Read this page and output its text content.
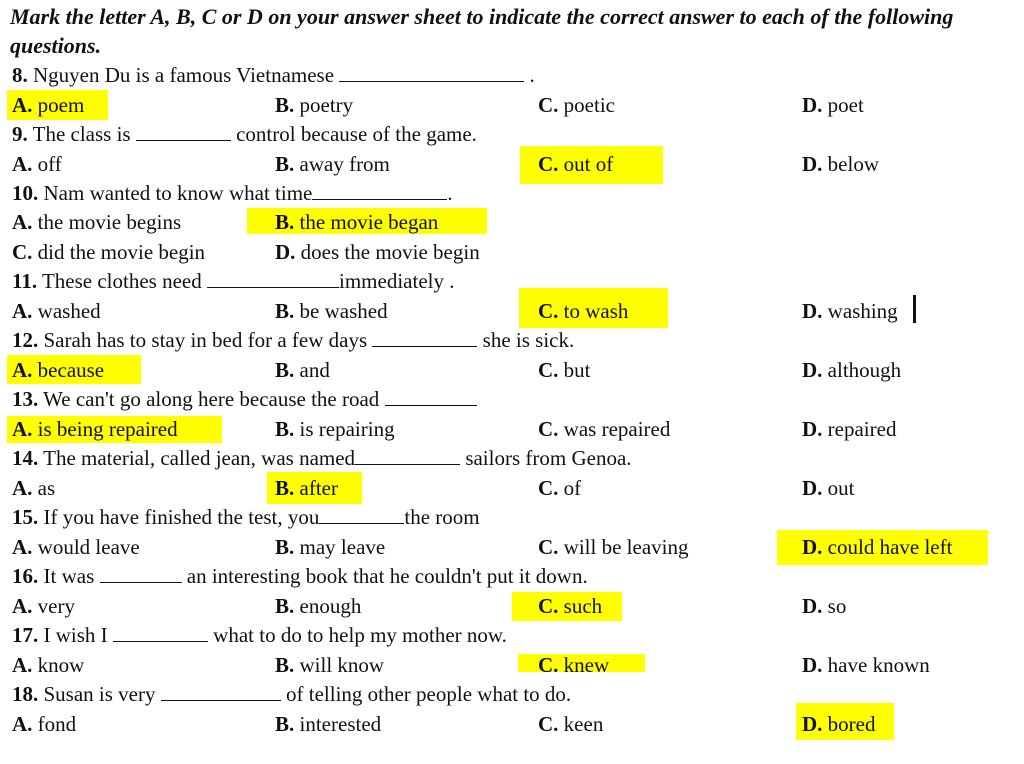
Mark the letter A, B, C or D on your answer sheet to indicate the correct answer to each of the following questions.
8. Nguyen Du is a famous Vietnamese	.
A. poem	B. poetry	C. poetic	D. poet
9. The class is	control because of the game.
A. off	B. away from	C. out of	D. below
10. Nam wanted to know what time	.
A. the movie begins	B. the movie began
C. did the movie begin	D. does the movie begin
11. These clothes need	immediately .
A. washed	B. be washed	C. to wash	D. washing
12. Sarah has to stay in bed for a few days	she is sick.
A. because	B. and	C. but	D. although
13. We can't go along here because the road
A. is being repaired	B. is repairing	C. was repaired	D. repaired
14. The material, called jean, was named	sailors from Genoa.
A. as	B. after	C. of	D. out
15. If you have finished the test, you	the room
A. would leave	B. may leave	C. will be leaving	D. could have left
16. It was	an interesting book that he couldn't put it down.
A. very	B. enough	C. such	D. so
17. I wish I	what to do to help my mother now.
A. know	B. will know	C. knew	D. have known
18. Susan is very	of telling other people what to do.
A. fond	B. interested	C. keen	D. bored
